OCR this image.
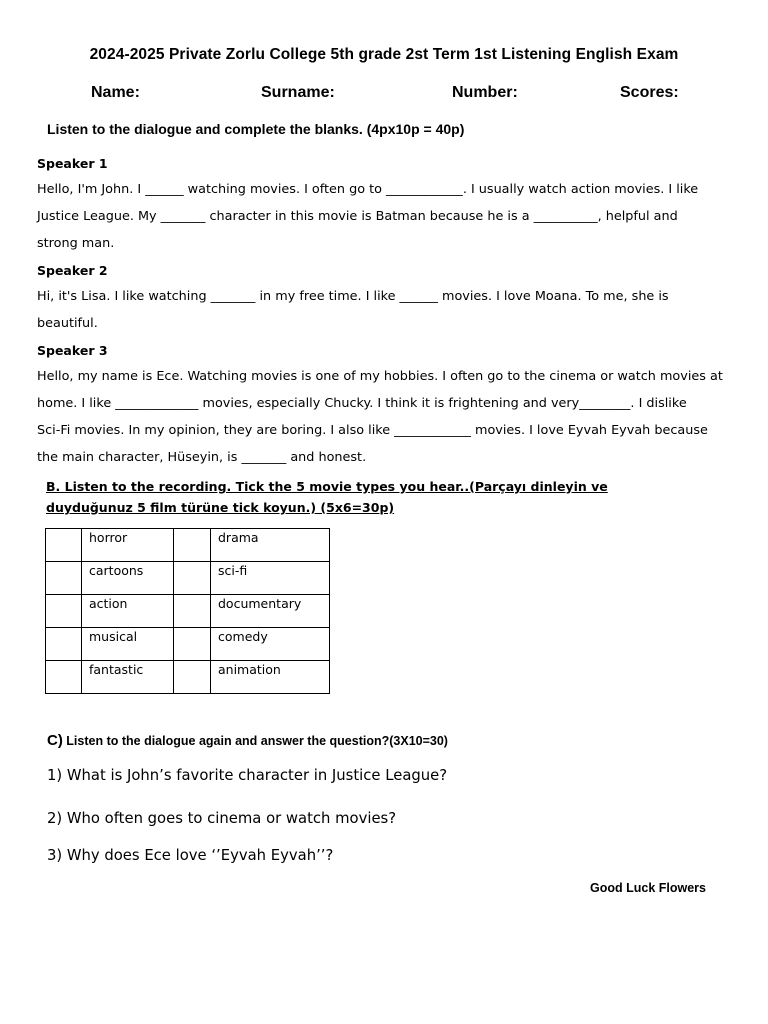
2024-2025 Private Zorlu College 5th grade 2st Term 1st Listening English Exam
Name:	Surname:	Number:	Scores:
Listen to the dialogue and complete the blanks. (4px10p = 40p)
Speaker 1
Hello, I'm John. I ______ watching movies. I often go to ____________. I usually watch action movies. I like
Justice League. My _______ character in this movie is Batman because he is a __________, helpful and
strong man.
Speaker 2
Hi, it's Lisa. I like watching _______ in my free time. I like ______ movies. I love Moana. To me, she is
beautiful.
Speaker 3
Hello, my name is Ece. Watching movies is one of my hobbies. I often go to the cinema or watch movies at
home. I like _____________ movies, especially Chucky. I think it is frightening and very________. I dislike
Sci-Fi movies. In my opinion, they are boring. I also like ____________ movies. I love Eyvah Eyvah because
the main character, Hüseyin, is _______ and honest.
B. Listen to the recording. Tick the 5 movie types you hear..(Parçayı dinleyin ve duyduğunuz 5 film türüne tick koyun.) (5x6=30p)
	horror		drama
	cartoons		sci-fi
	action		documentary
	musical		comedy
	fantastic		animation
C) Listen to the dialogue again and answer the question?(3X10=30)
1) What is John’s favorite character in Justice League?
2) Who often goes to cinema or watch movies?
3) Why does Ece love ‘’Eyvah Eyvah’’?
Good Luck Flowers
